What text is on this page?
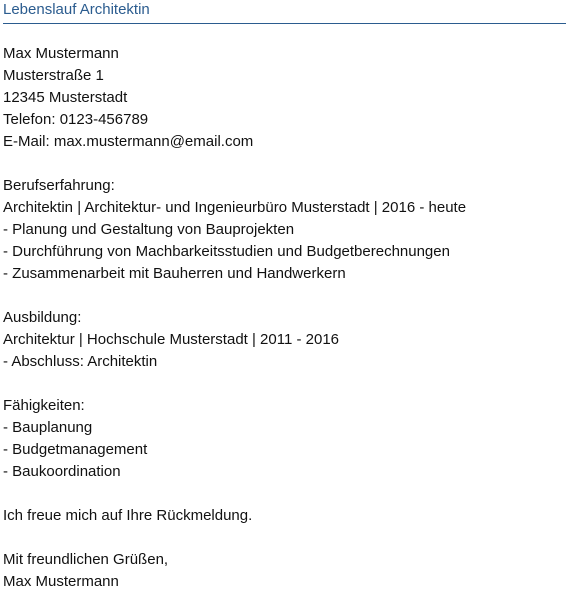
Lebenslauf Architektin
Max Mustermann
Musterstraße 1
12345 Musterstadt
Telefon: 0123-456789
E-Mail: max.mustermann@email.com
Berufserfahrung:
Architektin | Architektur- und Ingenieurbüro Musterstadt | 2016 - heute
- Planung und Gestaltung von Bauprojekten
- Durchführung von Machbarkeitsstudien und Budgetberechnungen
- Zusammenarbeit mit Bauherren und Handwerkern
Ausbildung:
Architektur | Hochschule Musterstadt | 2011 - 2016
- Abschluss: Architektin
Fähigkeiten:
- Bauplanung
- Budgetmanagement
- Baukoordination
Ich freue mich auf Ihre Rückmeldung.
Mit freundlichen Grüßen,
Max Mustermann
